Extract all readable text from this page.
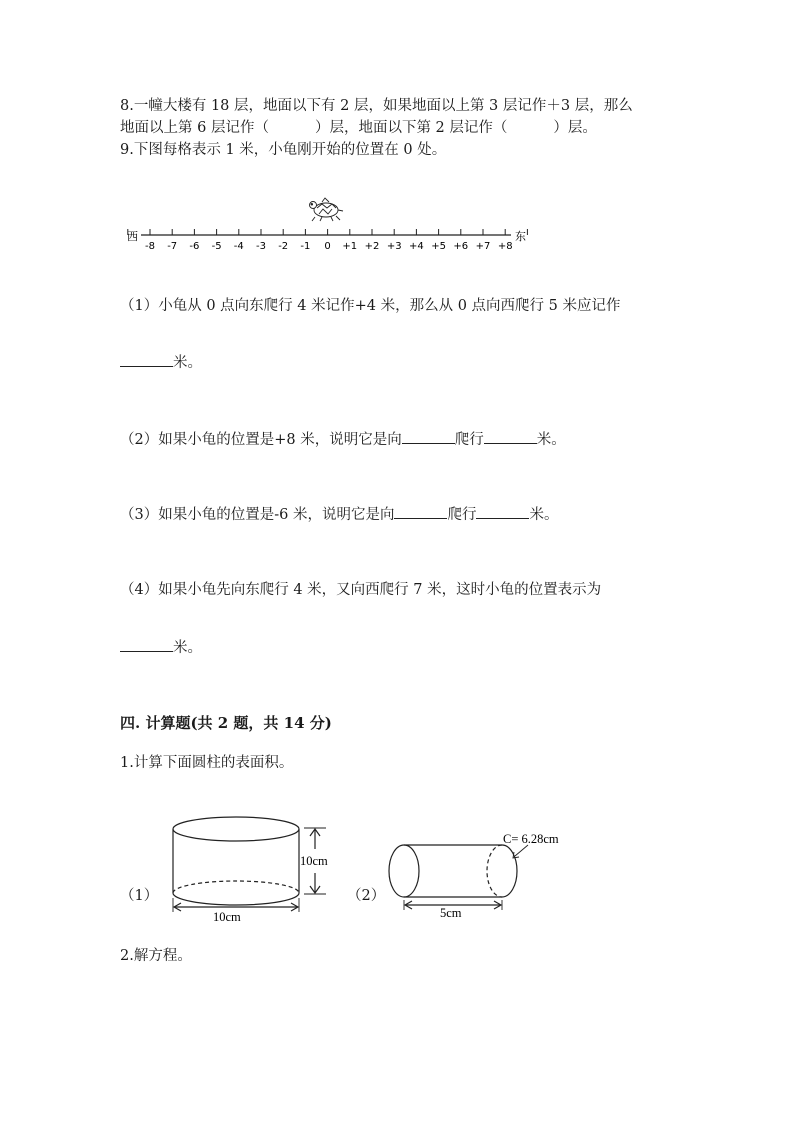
8.一幢大楼有 18 层，地面以下有 2 层，如果地面以上第 3 层记作＋3 层，那么
地面以上第 6 层记作（	）层，地面以下第 2 层记作（	）层。
9.下图每格表示 1 米，小龟刚开始的位置在 0 处。
西
-8 -7 -6 -5 -4 -3 -2 -1 0 +1 +2 +3 +4 +5 +6 +7 +8
东
10cm
10cm
C= 6.28cm
5cm
（1）小龟从 0 点向东爬行 4 米记作+4 米，那么从 0 点向西爬行 5 米应记作
米。
（2）如果小龟的位置是+8 米，说明它是向	爬行	米。
（3）如果小龟的位置是-6 米，说明它是向	爬行	米。
（4）如果小龟先向东爬行 4 米，又向西爬行 7 米，这时小龟的位置表示为
米。
四. 计算题(共 2 题，共 14 分)
1.计算下面圆柱的表面积。
（1）	（2）
2.解方程。
